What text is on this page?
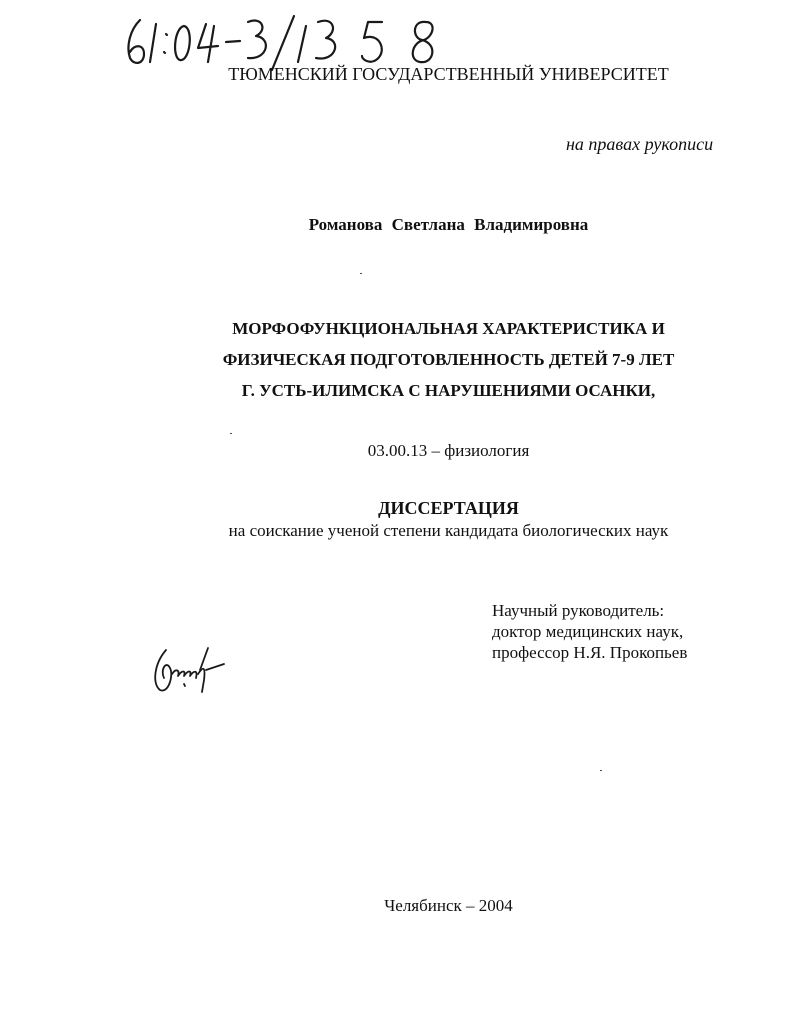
ТЮМЕНСКИЙ ГОСУДАРСТВЕННЫЙ УНИВЕРСИТЕТ
на правах рукописи
Романова Светлана Владимировна
МОРФОФУНКЦИОНАЛЬНАЯ ХАРАКТЕРИСТИКА И
ФИЗИЧЕСКАЯ ПОДГОТОВЛЕННОСТЬ ДЕТЕЙ 7-9 ЛЕТ
Г. УСТЬ-ИЛИМСКА С НАРУШЕНИЯМИ ОСАНКИ,
03.00.13 – физиология
ДИССЕРТАЦИЯ
на соискание ученой степени кандидата биологических наук
Научный руководитель:
доктор медицинских наук,
профессор Н.Я. Прокопьев
Челябинск – 2004
